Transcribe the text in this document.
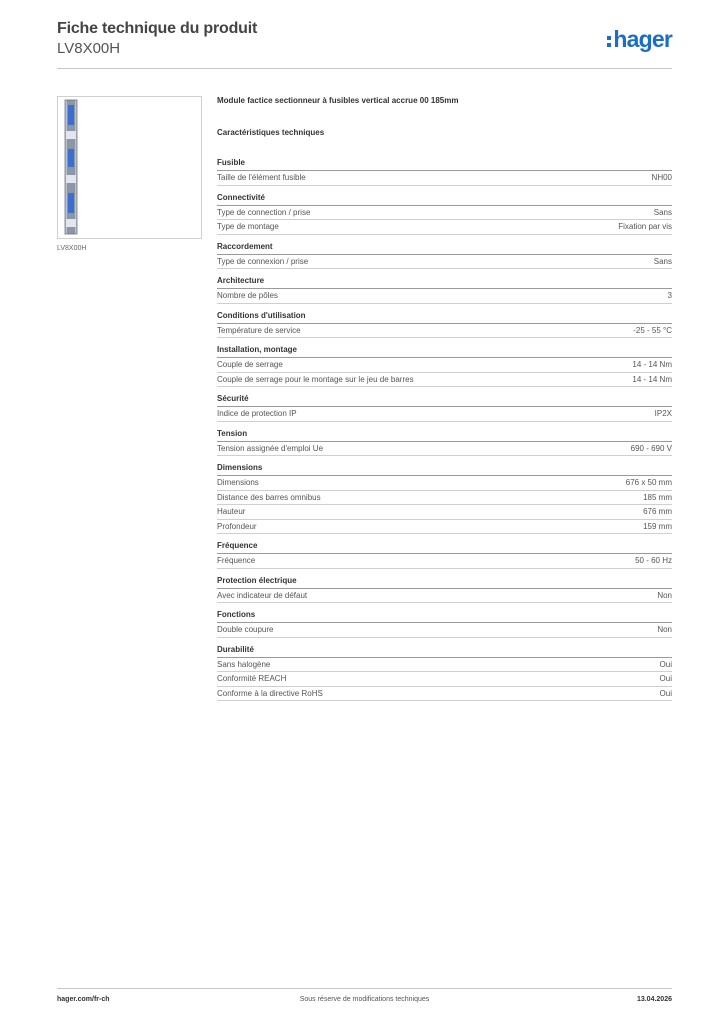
Fiche technique du produit
LV8X00H	hager
LV8X00H
Module factice sectionneur à fusibles vertical accrue 00 185mm
Caractéristiques techniques
Fusible
Taille de l'élément fusible	NH00
Connectivité
Type de connection / prise	Sans
Type de montage	Fixation par vis
Raccordement
Type de connexion / prise	Sans
Architecture
Nombre de pôles	3
Conditions d'utilisation
Température de service	-25 - 55 °C
Installation, montage
Couple de serrage	14 - 14 Nm
Couple de serrage pour le montage sur le jeu de barres	14 - 14 Nm
Sécurité
Indice de protection IP	IP2X
Tension
Tension assignée d'emploi Ue	690 - 690 V
Dimensions
Dimensions	676 x 50 mm
Distance des barres omnibus	185 mm
Hauteur	676 mm
Profondeur	159 mm
Fréquence
Fréquence	50 - 60 Hz
Protection électrique
Avec indicateur de défaut	Non
Fonctions
Double coupure	Non
Durabilité
Sans halogène	Oui
Conformité REACH	Oui
Conforme à la directive RoHS	Oui
hager.com/fr-ch	Sous réserve de modifications techniques	13.04.2026
